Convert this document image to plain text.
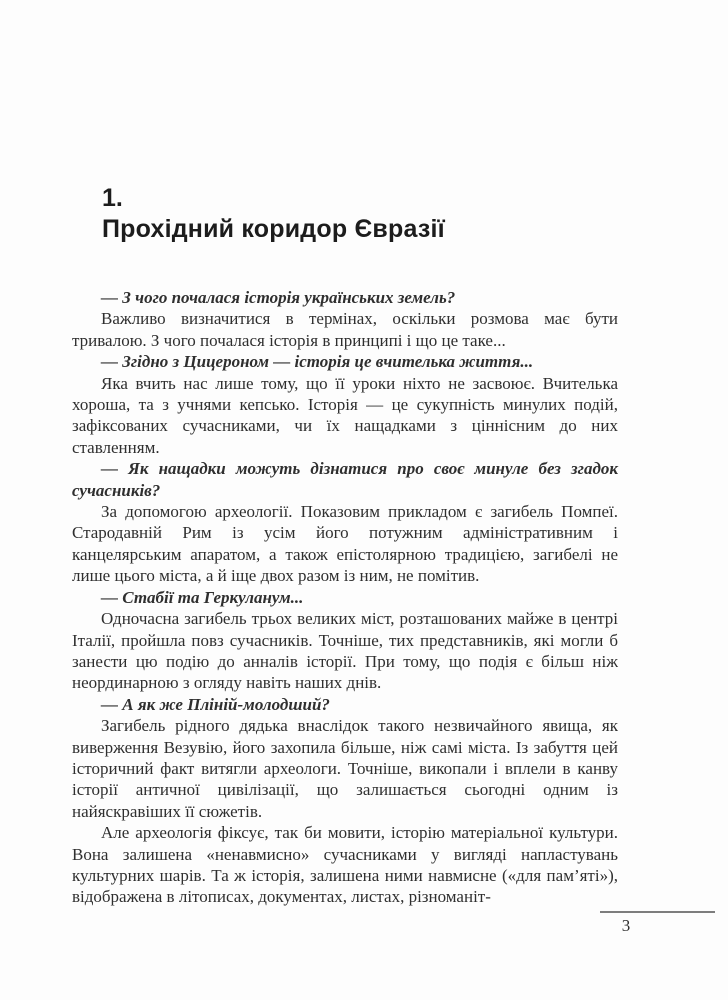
1.
Прохідний коридор Євразії

— З чого почалася історія українських земель?

Важливо визначитися в термінах, оскільки розмова має бути тривалою. З чого почалася історія в принципі і що це таке...

— Згідно з Цицероном — історія це вчителька життя...

Яка вчить нас лише тому, що її уроки ніхто не засвоює. Вчителька хороша, та з учнями кепсько. Історія — це сукупність минулих подій, зафіксованих сучасниками, чи їх нащадками з ціннісним до них ставленням.

— Як нащадки можуть дізнатися про своє минуле без згадок сучасників?

За допомогою археології. Показовим прикладом є загибель Помпеї. Стародавній Рим із усім його потужним адміністративним і канцелярським апаратом, а також епістолярною традицією, загибелі не лише цього міста, а й іще двох разом із ним, не помітив.

— Стабії та Геркуланум...

Одночасна загибель трьох великих міст, розташованих майже в центрі Італії, пройшла повз сучасників. Точніше, тих представників, які могли б занести цю подію до анналів історії. При тому, що подія є більш ніж неординарною з огляду навіть наших днів.

— А як же Пліній-молодший?

Загибель рідного дядька внаслідок такого незвичайного явища, як виверження Везувію, його захопила більше, ніж самі міста. Із забуття цей історичний факт витягли археологи. Точніше, викопали і вплели в канву історії античної цивілізації, що залишається сьогодні одним із найяскравіших її сюжетів.

Але археологія фіксує, так би мовити, історію матеріальної культури. Вона залишена «ненавмисно» сучасниками у вигляді напластувань культурних шарів. Та ж історія, залишена ними навмисне («для пам’яті»), відображена в літописах, документах, листах, різноманіт-

3
